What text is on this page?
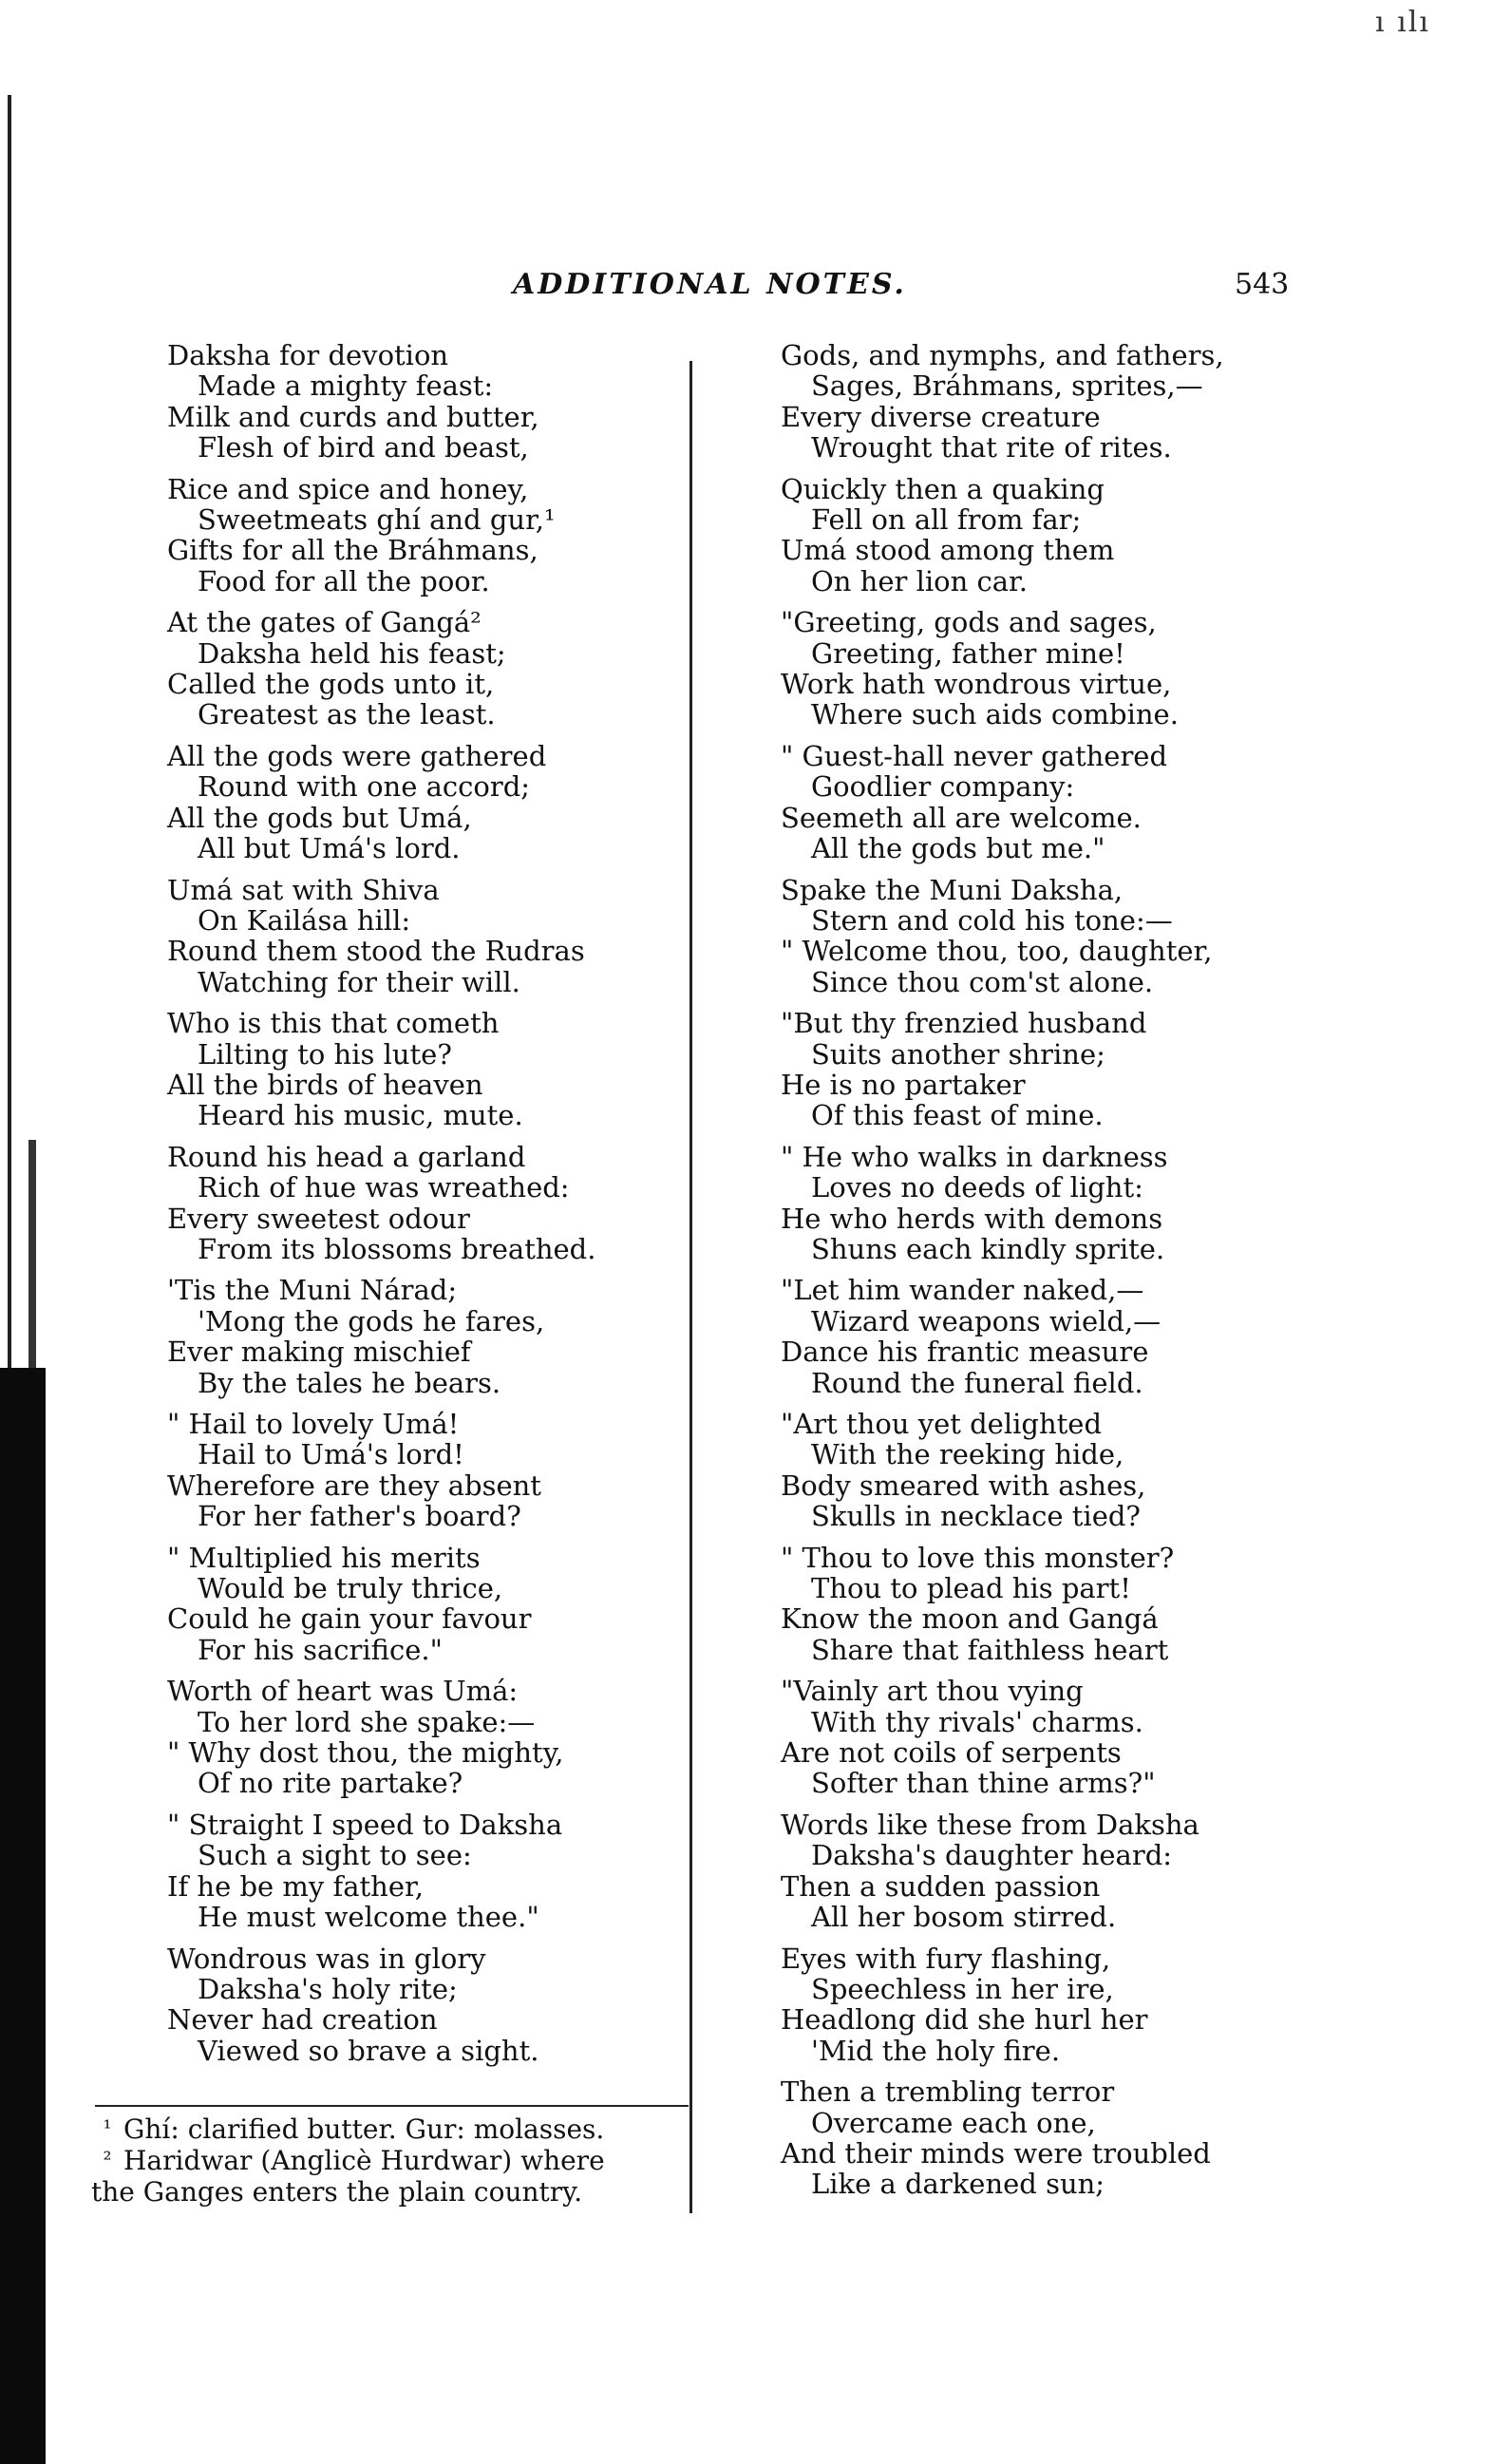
ı ılı
ADDITIONAL NOTES.	543
Daksha for devotion
Made a mighty feast:
Milk and curds and butter,
Flesh of bird and beast,
Rice and spice and honey,
Sweetmeats ghí and gur,¹
Gifts for all the Bráhmans,
Food for all the poor.
At the gates of Gangá²
Daksha held his feast;
Called the gods unto it,
Greatest as the least.
All the gods were gathered
Round with one accord;
All the gods but Umá,
All but Umá's lord.
Umá sat with Shiva
On Kailása hill:
Round them stood the Rudras
Watching for their will.
Who is this that cometh
Lilting to his lute?
All the birds of heaven
Heard his music, mute.
Round his head a garland
Rich of hue was wreathed:
Every sweetest odour
From its blossoms breathed.
'Tis the Muni Nárad;
'Mong the gods he fares,
Ever making mischief
By the tales he bears.
" Hail to lovely Umá!
Hail to Umá's lord!
Wherefore are they absent
For her father's board?
" Multiplied his merits
Would be truly thrice,
Could he gain your favour
For his sacrifice."
Worth of heart was Umá:
To her lord she spake:—
" Why dost thou, the mighty,
Of no rite partake?
" Straight I speed to Daksha
Such a sight to see:
If he be my father,
He must welcome thee."
Wondrous was in glory
Daksha's holy rite;
Never had creation
Viewed so brave a sight.
Gods, and nymphs, and fathers,
Sages, Bráhmans, sprites,—
Every diverse creature
Wrought that rite of rites.
Quickly then a quaking
Fell on all from far;
Umá stood among them
On her lion car.
"Greeting, gods and sages,
Greeting, father mine!
Work hath wondrous virtue,
Where such aids combine.
" Guest-hall never gathered
Goodlier company:
Seemeth all are welcome.
All the gods but me."
Spake the Muni Daksha,
Stern and cold his tone:—
" Welcome thou, too, daughter,
Since thou com'st alone.
"But thy frenzied husband
Suits another shrine;
He is no partaker
Of this feast of mine.
" He who walks in darkness
Loves no deeds of light:
He who herds with demons
Shuns each kindly sprite.
"Let him wander naked,—
Wizard weapons wield,—
Dance his frantic measure
Round the funeral field.
"Art thou yet delighted
With the reeking hide,
Body smeared with ashes,
Skulls in necklace tied?
" Thou to love this monster?
Thou to plead his part!
Know the moon and Gangá
Share that faithless heart
"Vainly art thou vying
With thy rivals' charms.
Are not coils of serpents
Softer than thine arms?"
Words like these from Daksha
Daksha's daughter heard:
Then a sudden passion
All her bosom stirred.
Eyes with fury flashing,
Speechless in her ire,
Headlong did she hurl her
'Mid the holy fire.
Then a trembling terror
Overcame each one,
And their minds were troubled
Like a darkened sun;
¹ Ghí: clarified butter. Gur: molasses.
² Haridwar (Anglicè Hurdwar) where
the Ganges enters the plain country.
